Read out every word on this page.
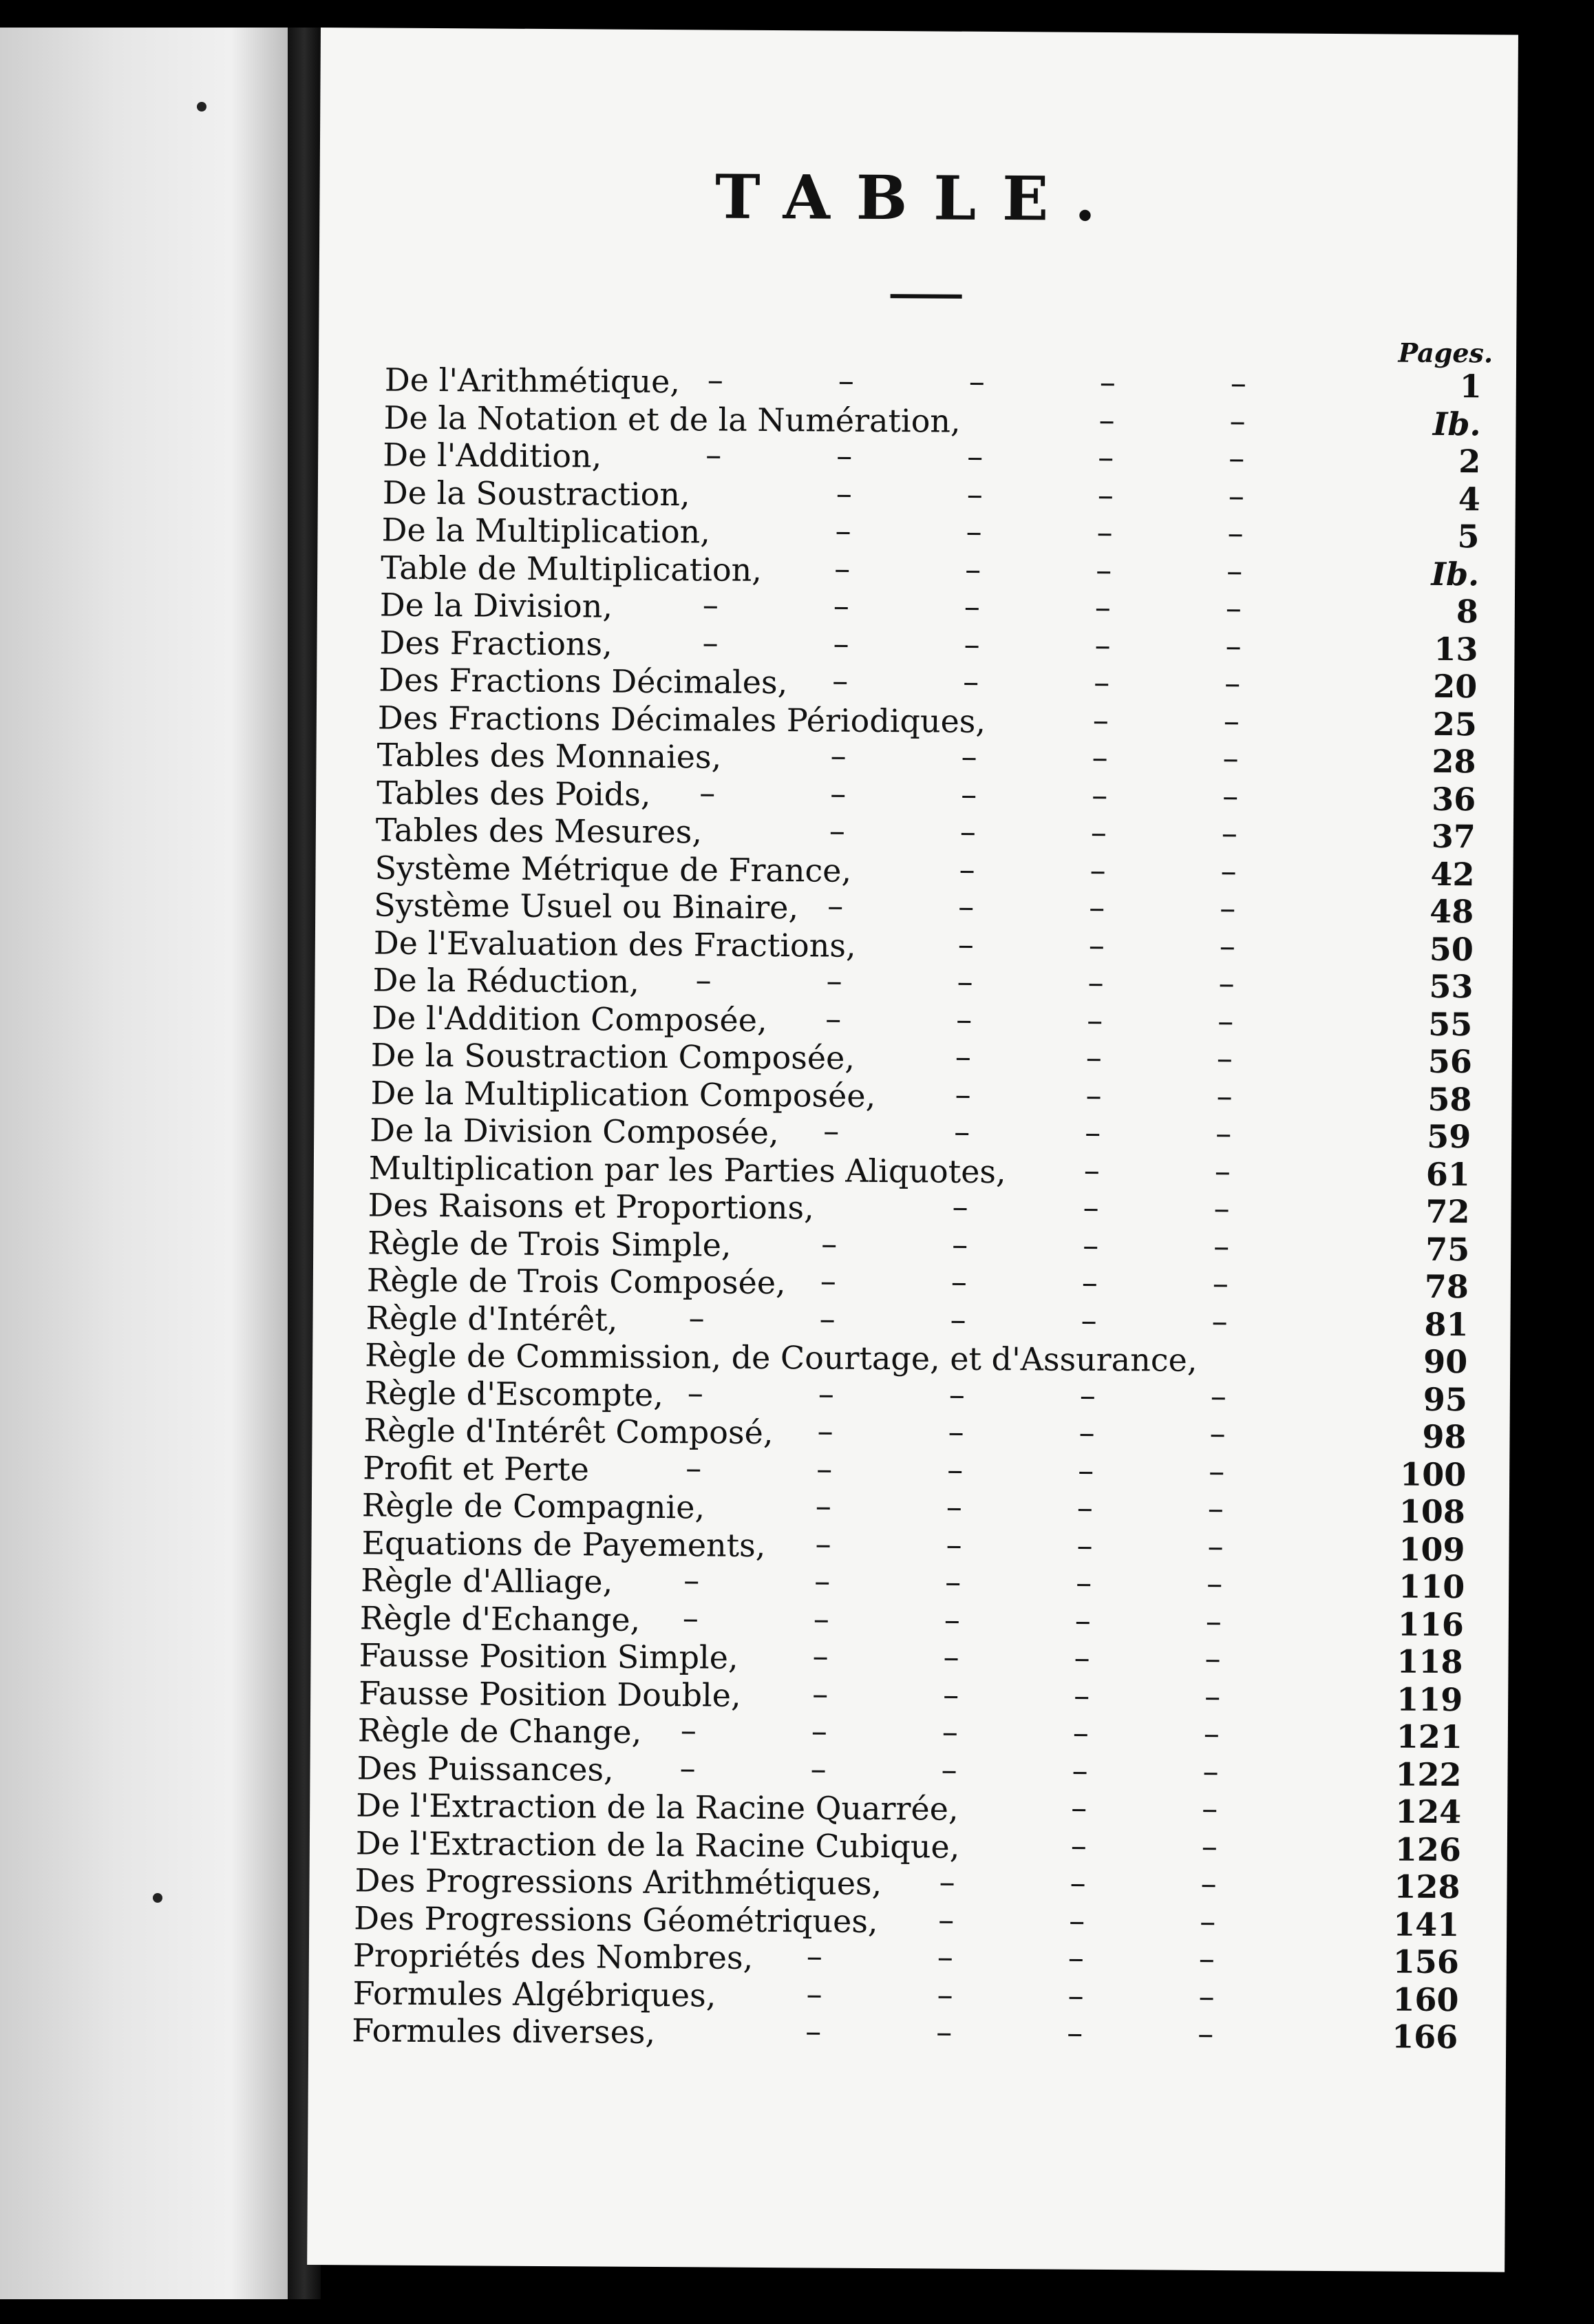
TABLE.
Pages.
De l'Arithmétique,	1
–	–	–	–
–
De la Notation et de la Numération,	Ib.
–	–
De l'Addition,	2
–	–	–	–
–
De la Soustraction,	4
–	–	–	–
De la Multiplication,	5
–	–	–	–
Table de Multiplication,	Ib.
–	–	–	–
De la Division,	8
–	–	–	–
–
Des Fractions,	13
–	–	–	–
–
Des Fractions Décimales,	20
–	–	–	–
Des Fractions Décimales Périodiques,	25
–	–
Tables des Monnaies,	28
–	–	–	–
Tables des Poids,	36
–	–	–	–
–
Tables des Mesures,	37
–	–	–	–
Système Métrique de France,	42
–	–	–
Système Usuel ou Binaire,	48
–	–	–	–
De l'Evaluation des Fractions,	50
–	–	–
De la Réduction,	53
–	–	–	–
–
De l'Addition Composée,	55
–	–	–	–
De la Soustraction Composée,	56
–	–	–
De la Multiplication Composée,	58
–	–	–
De la Division Composée,	59
–	–	–	–
Multiplication par les Parties Aliquotes,	61
–	–
Des Raisons et Proportions,	72
–	–	–
Règle de Trois Simple,	75
–	–	–	–
Règle de Trois Composée,	78
–	–	–	–
Règle d'Intérêt,	81
–	–	–	–
–
Règle de Commission, de Courtage, et d'Assurance,	90
Règle d'Escompte,	95
–	–	–	–
–
Règle d'Intérêt Composé,	98
–	–	–	–
Profit et Perte	100
–	–	–	–
–
Règle de Compagnie,	108
–	–	–	–
Equations de Payements,	109
–	–	–	–
Règle d'Alliage,	110
–	–	–	–
–
Règle d'Echange,	116
–	–	–	–
–
Fausse Position Simple,	118
–	–	–	–
Fausse Position Double,	119
–	–	–	–
Règle de Change,	121
–	–	–	–
–
Des Puissances,	122
–	–	–	–
–
De l'Extraction de la Racine Quarrée,	124
–	–
De l'Extraction de la Racine Cubique,	126
–	–
Des Progressions Arithmétiques,	128
–	–	–
Des Progressions Géométriques,	141
–	–	–
Propriétés des Nombres,	156
–	–	–	–
Formules Algébriques,	160
–	–	–	–
Formules diverses,	166
–	–	–	–
